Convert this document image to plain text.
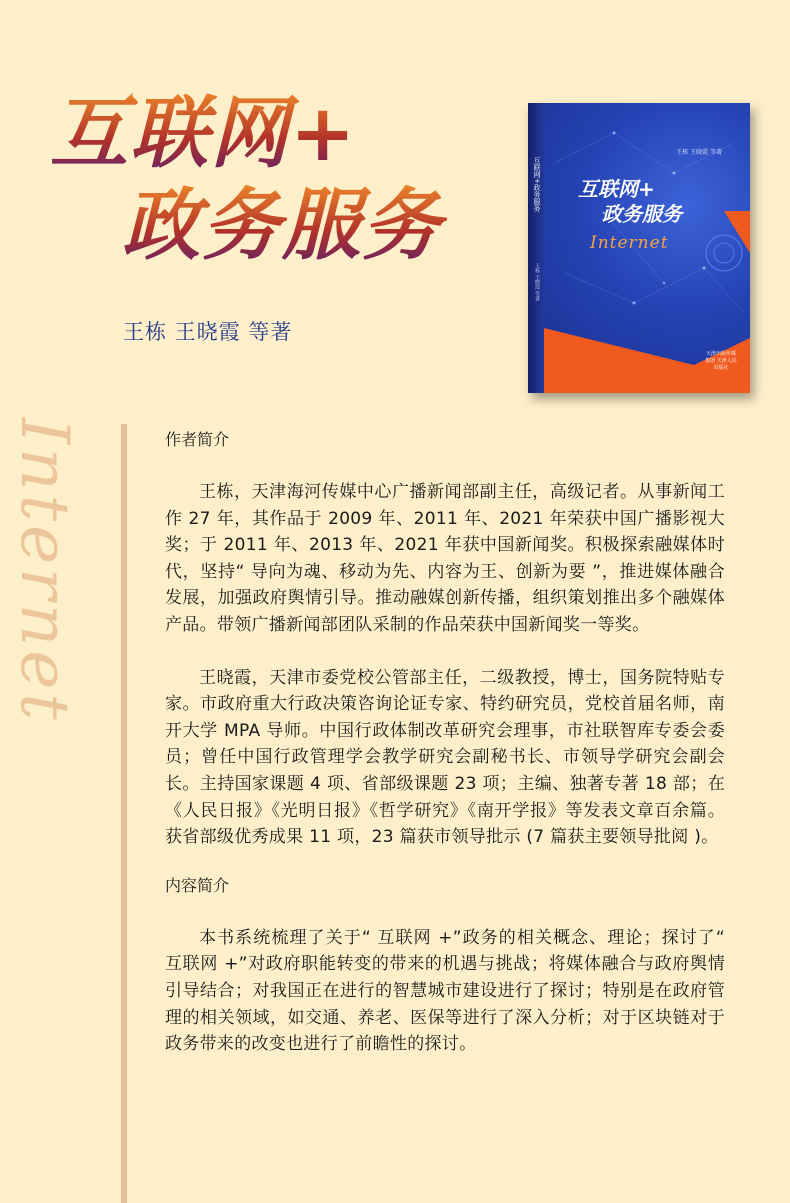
互联网+
政务服务
王栋 王晓霞 等著
互联网+政务服务
王栋 王晓霞 等著
王栋 王晓霞 等著
互联网+
政务服务
Internet
天津出版传媒集团 天津人民出版社
Internet	作者简介
王栋，天津海河传媒中心广播新闻部副主任，高级记者。从事新闻工作 27 年，其作品于 2009 年、2011 年、2021 年荣获中国广播影视大奖；于 2011 年、2013 年、2021 年获中国新闻奖。积极探索融媒体时代，坚持“ 导向为魂、移动为先、内容为王、创新为要 ”，推进媒体融合发展，加强政府舆情引导。推动融媒创新传播，组织策划推出多个融媒体产品。带领广播新闻部团队采制的作品荣获中国新闻奖一等奖。
王晓霞，天津市委党校公管部主任，二级教授，博士，国务院特贴专家。市政府重大行政决策咨询论证专家、特约研究员，党校首届名师，南开大学 MPA 导师。中国行政体制改革研究会理事，市社联智库专委会委员；曾任中国行政管理学会教学研究会副秘书长、市领导学研究会副会长。主持国家课题 4 项、省部级课题 23 项；主编、独著专著 18 部；在《人民日报》《光明日报》《哲学研究》《南开学报》等发表文章百余篇。获省部级优秀成果 11 项，23 篇获市领导批示 (7 篇获主要领导批阅 )。
内容简介
本书系统梳理了关于“ 互联网 +”政务的相关概念、理论；探讨了“ 互联网 +”对政府职能转变的带来的机遇与挑战；将媒体融合与政府舆情引导结合；对我国正在进行的智慧城市建设进行了探讨；特别是在政府管理的相关领域，如交通、养老、医保等进行了深入分析；对于区块链对于政务带来的改变也进行了前瞻性的探讨。
